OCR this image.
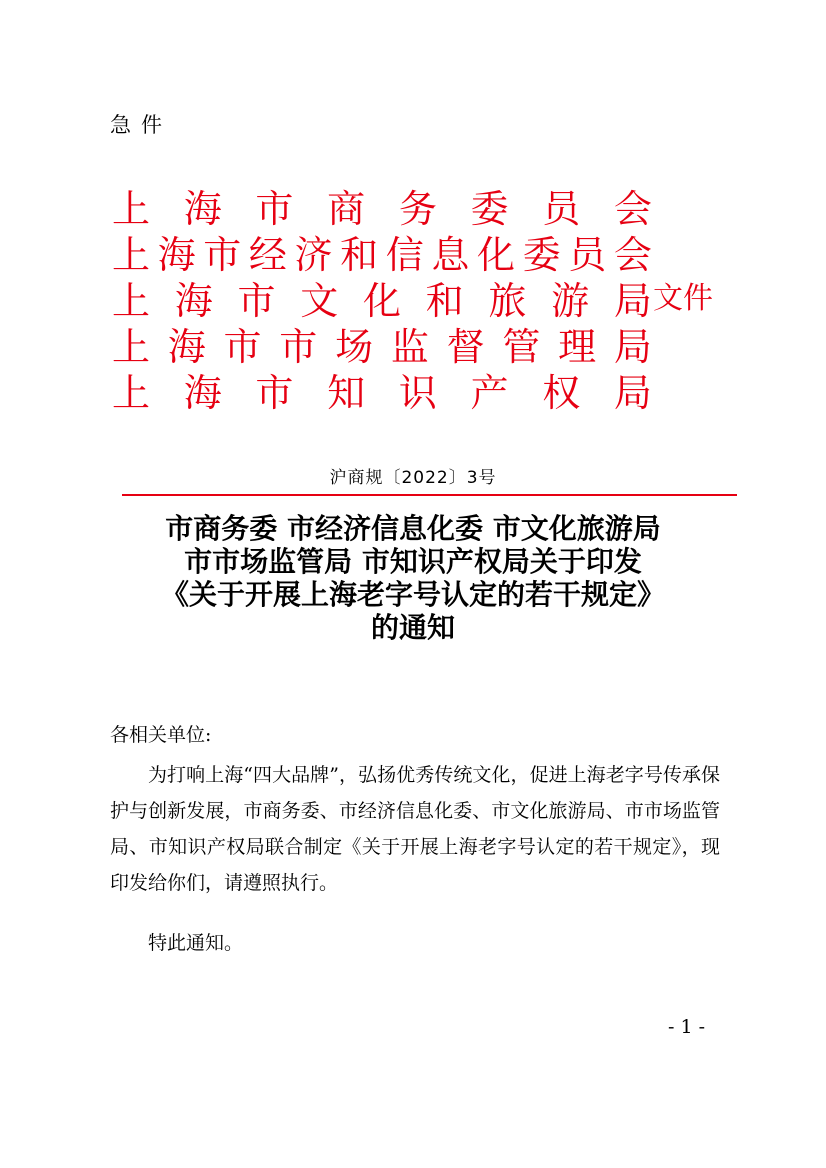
急件
上 海 市 商 务 委 员 会
上 海 市 经 济 和 信 息 化 委 员 会
上 海 市 文 化 和 旅 游 局
上 海 市 市 场 监 督 管 理 局
上 海 市 知 识 产 权 局
文件
沪商规〔2022〕3号
市商务委 市经济信息化委 市文化旅游局
市市场监管局 市知识产权局关于印发
《关于开展上海老字号认定的若干规定》
的通知
各相关单位:
为打响上海“四大品牌”，弘扬优秀传统文化，促进上海老字号传承保护与创新发展，市商务委、市经济信息化委、市文化旅游局、市市场监管局、市知识产权局联合制定《关于开展上海老字号认定的若干规定》，现印发给你们，请遵照执行。
特此通知。
- 1 -
